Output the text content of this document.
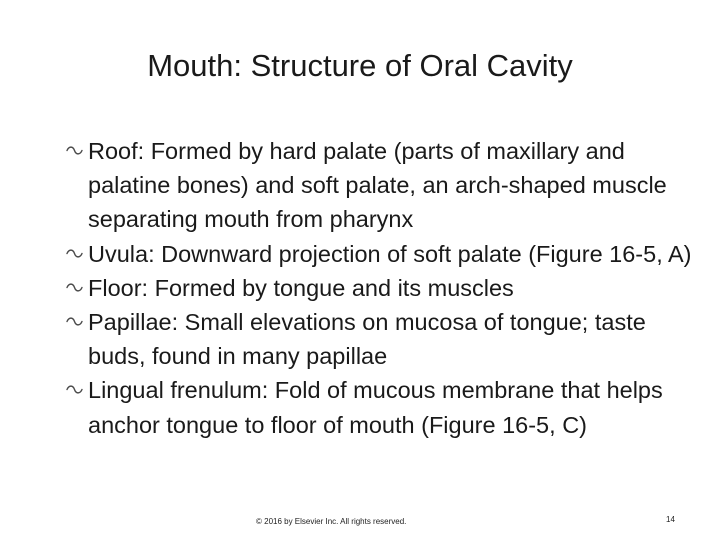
Mouth: Structure of Oral Cavity
Roof: Formed by hard palate (parts of maxillary and palatine bones) and soft palate, an arch-shaped muscle separating mouth from pharynx
Uvula: Downward projection of soft palate (Figure 16-5, A)
Floor: Formed by tongue and its muscles
Papillae: Small elevations on mucosa of tongue; taste buds, found in many papillae
Lingual frenulum: Fold of mucous membrane that helps anchor tongue to floor of mouth (Figure 16-5, C)
© 2016 by Elsevier Inc. All rights reserved.	14
